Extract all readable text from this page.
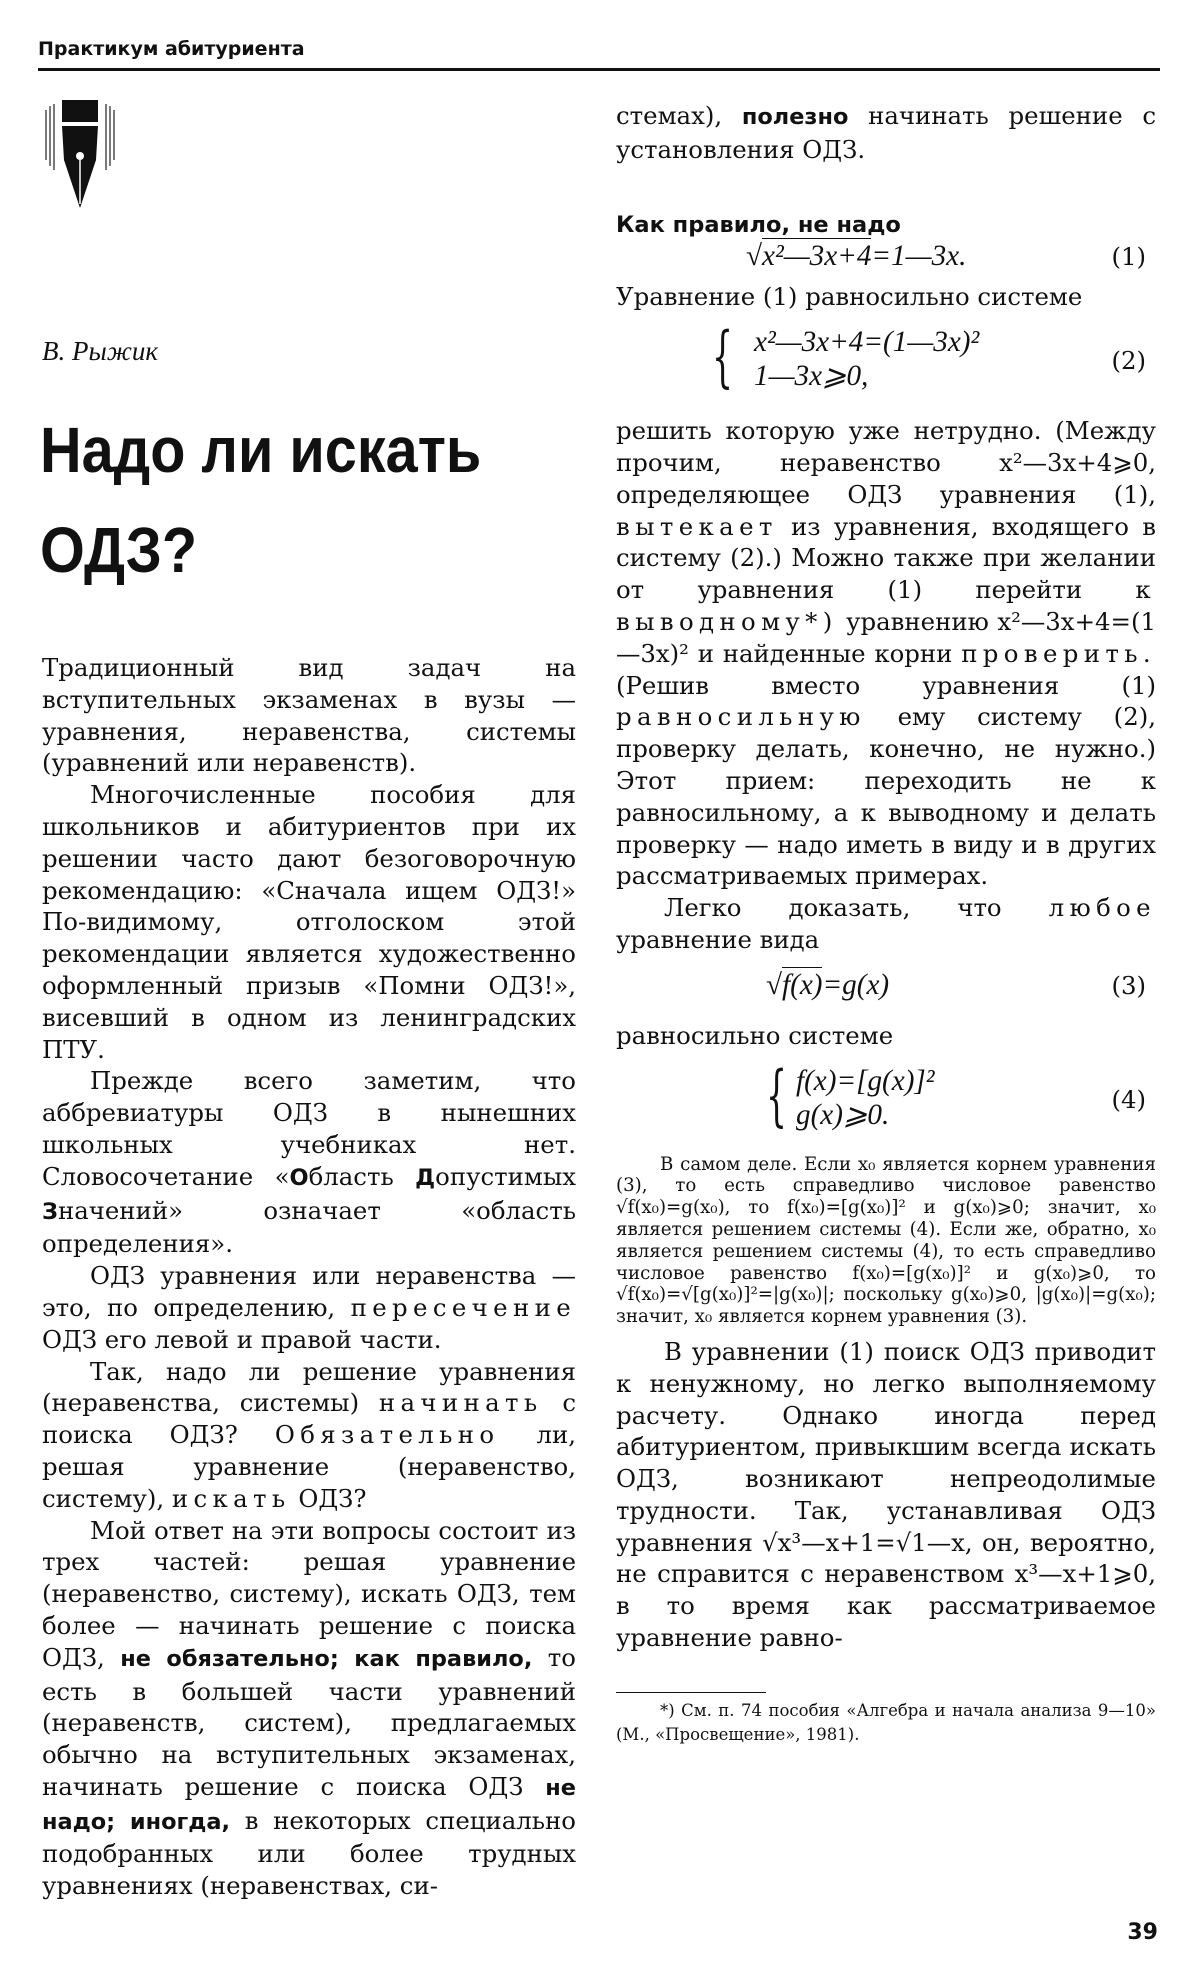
Практикум абитуриента

В. Рыжик

Надо ли искать
ОДЗ?

Традиционный вид задач на вступительных экзаменах в вузы — уравнения, неравенства, системы (уравнений или неравенств).

Многочисленные пособия для школьников и абитуриентов при их решении часто дают безоговорочную рекомендацию: «Сначала ищем ОДЗ!» По-видимому, отголоском этой рекомендации является художественно оформленный призыв «Помни ОДЗ!», висевший в одном из ленинградских ПТУ.

Прежде всего заметим, что аббревиатуры ОДЗ в нынешних школьных учебниках нет. Словосочетание «Область Допустимых Значений» означает «область определения».

ОДЗ уравнения или неравенства — это, по определению, пересечение ОДЗ его левой и правой части.

Так, надо ли решение уравнения (неравенства, системы) начинать с поиска ОДЗ? Обязательно ли, решая уравнение (неравенство, систему), искать ОДЗ?

Мой ответ на эти вопросы состоит из трех частей: решая уравнение (неравенство, систему), искать ОДЗ, тем более — начинать решение с поиска ОДЗ, не обязательно; как правило, то есть в большей части уравнений (неравенств, систем), предлагаемых обычно на вступительных экзаменах, начинать решение с поиска ОДЗ не надо; иногда, в некоторых специально подобранных или более трудных уравнениях (неравенствах, си-

стемах), полезно начинать решение с установления ОДЗ.

Как правило, не надо

√x²—3x+4=1—3x.	(1)

Уравнение (1) равносильно системе

{ x²—3x+4=(1—3x)²
1—3x⩾0,	(2)

решить которую уже нетрудно. (Между прочим, неравенство x²—3x+4⩾0, определяющее ОДЗ уравнения (1), вытекает из уравнения, входящего в систему (2).) Можно также при желании от уравнения (1) перейти к выводному*) уравнению x²—3x+4=(1—3x)² и найденные корни проверить. (Решив вместо уравнения (1) равносильную ему систему (2), проверку делать, конечно, не нужно.) Этот прием: переходить не к равносильному, а к выводному и делать проверку — надо иметь в виду и в других рассматриваемых примерах.

Легко доказать, что любое уравнение вида

√f(x)=g(x)	(3)

равносильно системе

{ f(x)=[g(x)]²
g(x)⩾0.	(4)

В самом деле. Если x₀ является корнем уравнения (3), то есть справедливо числовое равенство √f(x₀)=g(x₀), то f(x₀)=[g(x₀)]² и g(x₀)⩾0; значит, x₀ является решением системы (4). Если же, обратно, x₀ является решением системы (4), то есть справедливо числовое равенство f(x₀)=[g(x₀)]² и g(x₀)⩾0, то √f(x₀)=√[g(x₀)]²=|g(x₀)|; поскольку g(x₀)⩾0, |g(x₀)|=g(x₀); значит, x₀ является корнем уравнения (3).

В уравнении (1) поиск ОДЗ приводит к ненужному, но легко выполняемому расчету. Однако иногда перед абитуриентом, привыкшим всегда искать ОДЗ, возникают непреодолимые трудности. Так, устанавливая ОДЗ уравнения √x³—x+1=√1—x, он, вероятно, не справится с неравенством x³—x+1⩾0, в то время как рассматриваемое уравнение равно-

*) См. п. 74 пособия «Алгебра и начала анализа 9—10» (М., «Просвещение», 1981).

39
